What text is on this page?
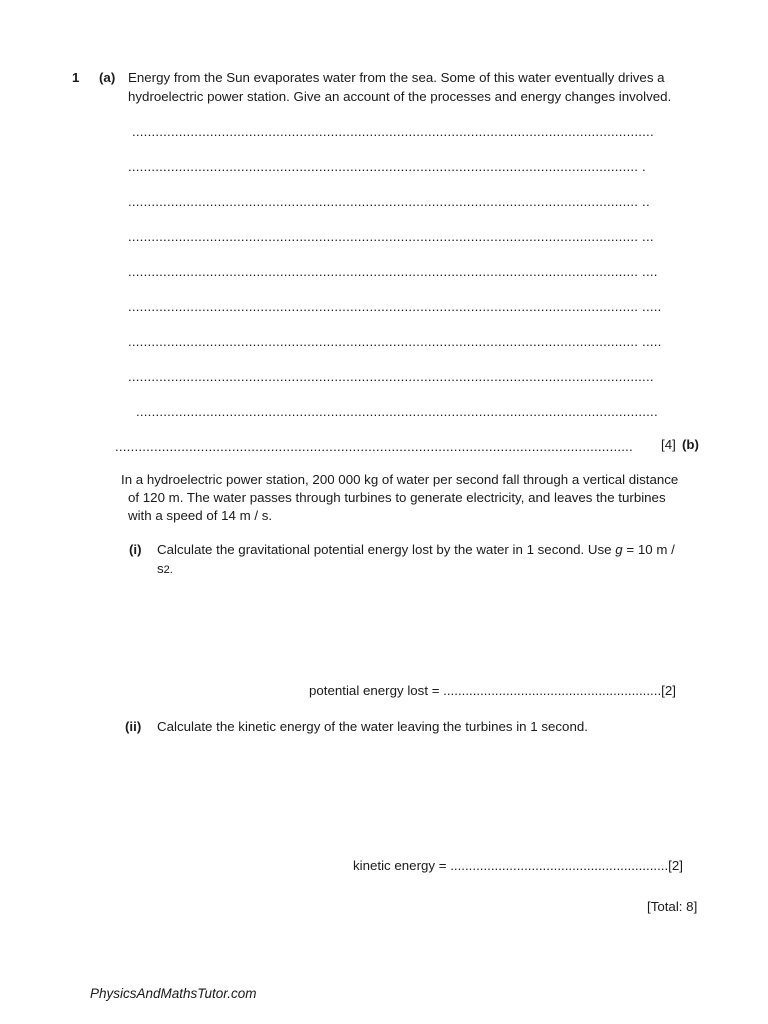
1 (a) Energy from the Sun evaporates water from the sea. Some of this water eventually drives a
hydroelectric power station. Give an account of the processes and energy changes involved.
......................................................................................................................................
................................................................................................................................... .
................................................................................................................................... ..
................................................................................................................................... ...
................................................................................................................................... ....
................................................................................................................................... .....
................................................................................................................................... .....
.......................................................................................................................................
......................................................................................................................................
.....................................................................................................................................	[4] (b)
In a hydroelectric power station, 200 000 kg of water per second fall through a vertical distance
of 120 m. The water passes through turbines to generate electricity, and leaves the turbines
with a speed of 14 m / s.
(i) Calculate the gravitational potential energy lost by the water in 1 second. Use g = 10 m /
s2.
potential energy lost = ...........................................................[2]
(ii) Calculate the kinetic energy of the water leaving the turbines in 1 second.
kinetic energy = ...........................................................[2]
[Total: 8]
PhysicsAndMathsTutor.com
